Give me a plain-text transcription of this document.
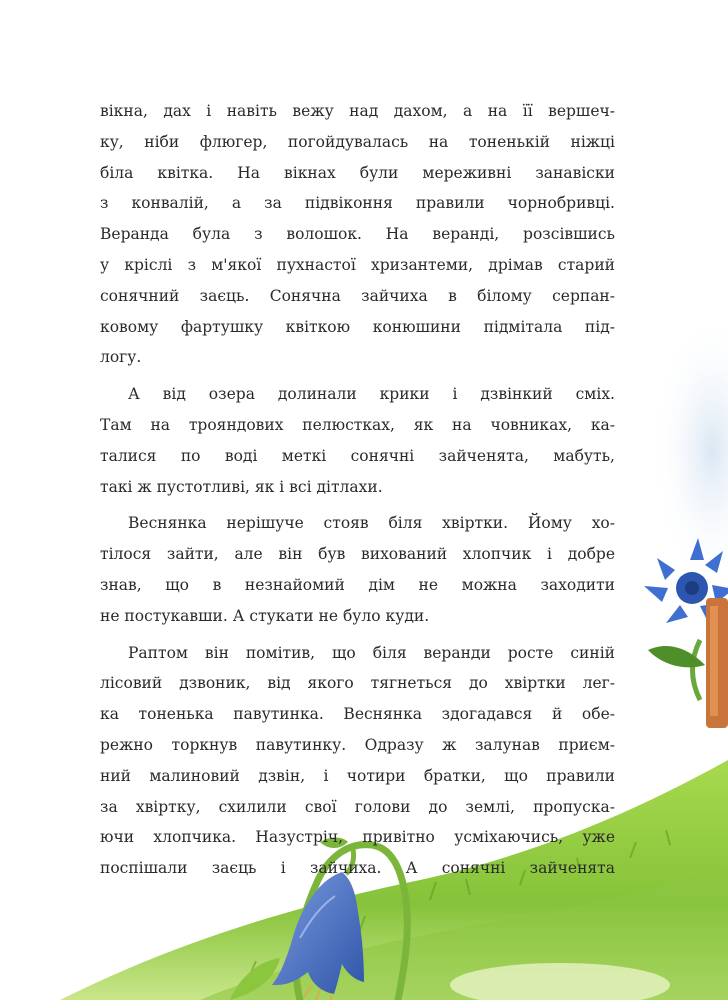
вікна, дах і навіть вежу над дахом, а на її вершеч-
ку, ніби флюгер, погойдувалась на тоненькій ніжці
біла квітка. На вікнах були мереживні занавіски
з конвалій, а за підвіконня правили чорнобривці.
Веранда була з волошок. На веранді, розсівшись
у кріслі з м'якої пухнастої хризантеми, дрімав старий
сонячний заєць. Сонячна зайчиха в білому серпан-
ковому фартушку квіткою конюшини підмітала під-
логу.
А від озера долинали крики і дзвінкий сміх.
Там на трояндових пелюстках, як на човниках, ка-
талися по воді меткі сонячні зайченята, мабуть,
такі ж пустотливі, як і всі дітлахи.
Веснянка нерішуче стояв біля хвіртки. Йому хо-
тілося зайти, але він був вихований хлопчик і добре
знав, що в незнайомий дім не можна заходити
не постукавши. А стукати не було куди.
Раптом він помітив, що біля веранди росте синій
лісовий дзвоник, від якого тягнеться до хвіртки лег-
ка тоненька павутинка. Веснянка здогадався й обе-
режно торкнув павутинку. Одразу ж залунав приєм-
ний малиновий дзвін, і чотири братки, що правили
за хвіртку, схилили свої голови до землі, пропуска-
ючи хлопчика. Назустріч, привітно усміхаючись, уже
поспішали заєць і зайчиха. А сонячні зайченята
